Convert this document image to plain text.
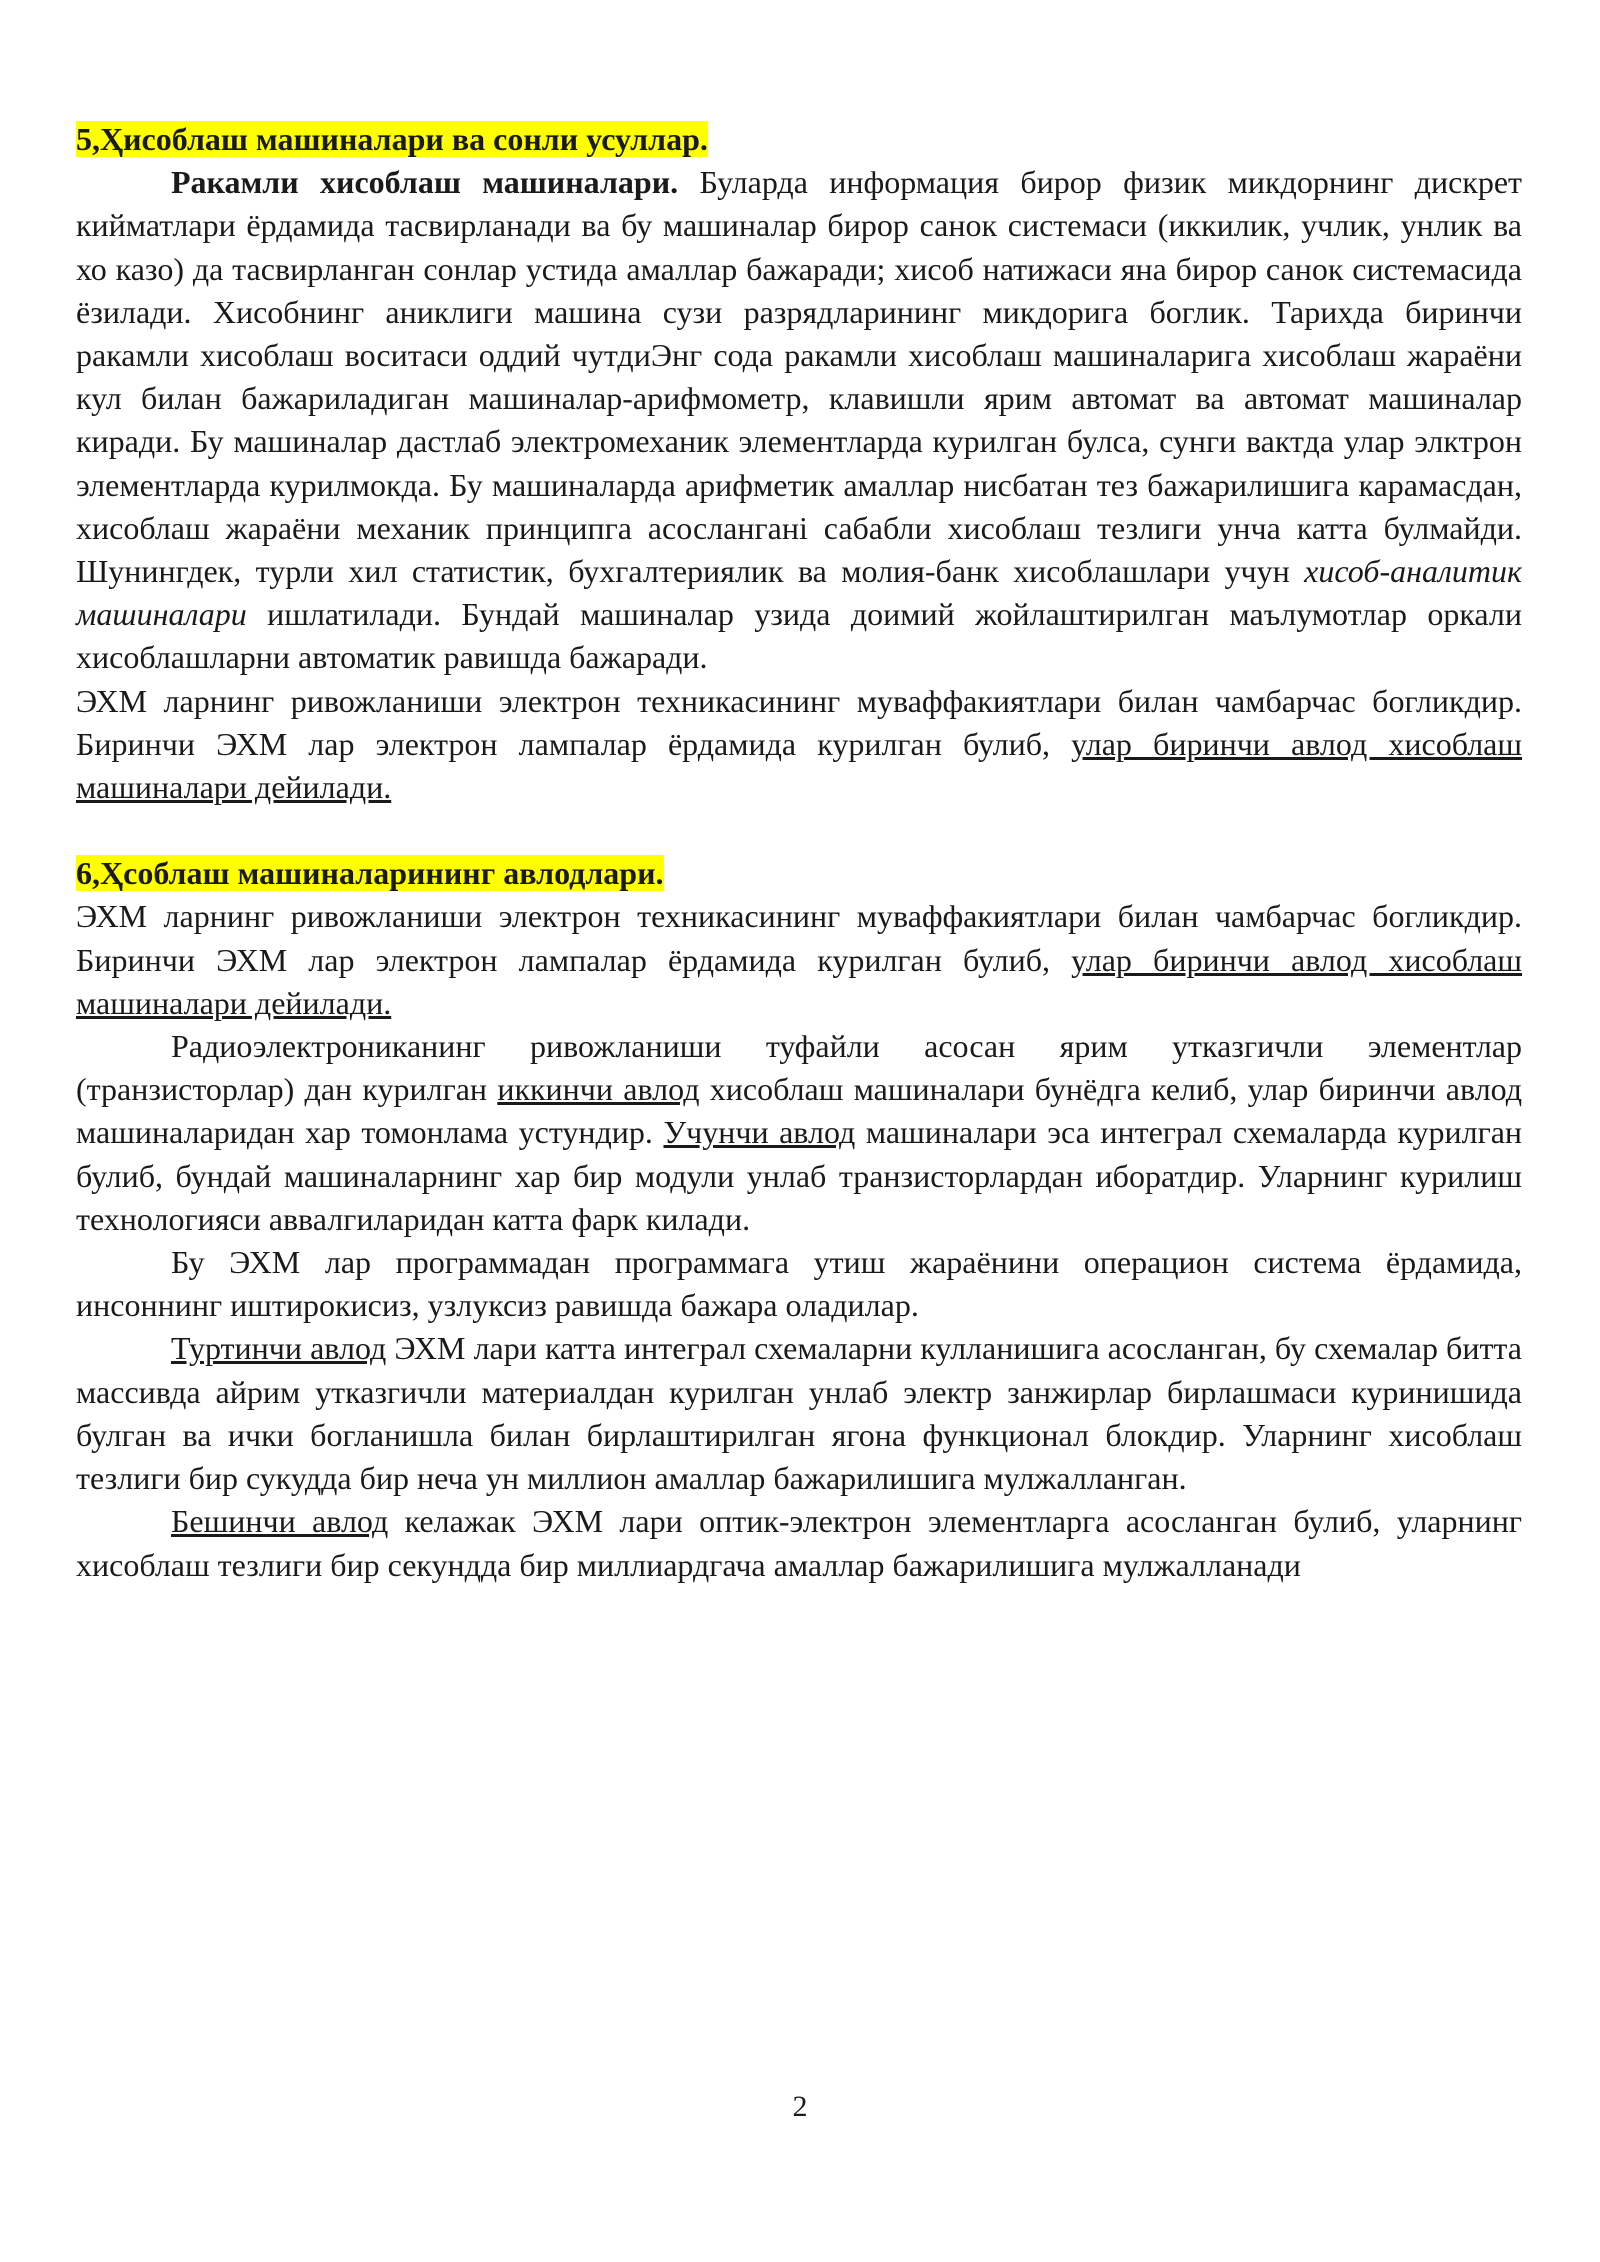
5,Ҳисоблаш машиналари ва сонли усуллар.

Ракамли хисоблаш машиналари. Буларда информация бирор физик микдорнинг дискрет кийматлари ёрдамида тасвирланади ва бу машиналар бирор санок системаси (иккилик, учлик, унлик ва хо казо) да тасвирланган сонлар устида амаллар бажаради; хисоб натижаси яна бирор санок системасида ёзилади. Хисобнинг аниклиги машина сузи разрядларининг микдорига боглик. Тарихда биринчи ракамли хисоблаш воситаси оддий чутдиЭнг сода ракамли хисоблаш машиналарига хисоблаш жараёни кул билан бажариладиган машиналар-арифмометр, клавишли ярим автомат ва автомат машиналар киради. Бу машиналар дастлаб электромеханик элементларда курилган булса, сунги вактда улар элктрон элементларда курилмокда. Бу машиналарда арифметик амаллар нисбатан тез бажарилишига карамасдан, хисоблаш жараёни механик принципга асосланганi сабабли хисоблаш тезлиги унча катта булмайди. Шунингдек, турли хил статистик, бухгалтериялик ва молия-банк хисоблашлари учун хисоб-аналитик машиналари ишлатилади. Бундай машиналар узида доимий жойлаштирилган маълумотлар оркали хисоблашларни автоматик равишда бажаради.

ЭХМ ларнинг ривожланиши электрон техникасининг муваффакиятлари билан чамбарчас богликдир. Биринчи ЭХМ лар электрон лампалар ёрдамида курилган булиб, улар биринчи авлод хисоблаш машиналари дейилади.

6,Ҳсоблаш машиналарининг авлодлари.

ЭХМ ларнинг ривожланиши электрон техникасининг муваффакиятлари билан чамбарчас богликдир. Биринчи ЭХМ лар электрон лампалар ёрдамида курилган булиб, улар биринчи авлод хисоблаш машиналари дейилади.

Радиоэлектрониканинг ривожланиши туфайли асосан ярим утказгичли элементлар (транзисторлар) дан курилган иккинчи авлод хисоблаш машиналари бунёдга келиб, улар биринчи авлод машиналаридан хар томонлама устундир. Учунчи авлод машиналари эса интеграл схемаларда курилган булиб, бундай машиналарнинг хар бир модули унлаб транзисторлардан иборатдир. Уларнинг курилиш технологияси аввалгиларидан катта фарк килади.

Бу ЭХМ лар программадан программага утиш жараёнини операцион система ёрдамида, инсоннинг иштирокисиз, узлуксиз равишда бажара оладилар.

Туртинчи авлод ЭХМ лари катта интеграл схемаларни кулланишига асосланган, бу схемалар битта массивда айрим утказгичли материалдан курилган унлаб электр занжирлар бирлашмаси куринишида булган ва ички богланишла билан бирлаштирилган ягона функционал блокдир. Уларнинг хисоблаш тезлиги бир сукудда бир неча ун миллион амаллар бажарилишига мулжалланган.

Бешинчи авлод келажак ЭХМ лари оптик-электрон элементларга асосланган булиб, уларнинг хисоблаш тезлиги бир секундда бир миллиардгача амаллар бажарилишига мулжалланади

2
